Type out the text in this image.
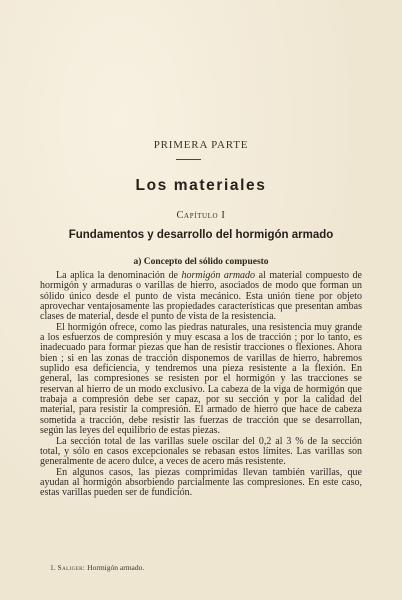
PRIMERA PARTE
Los materiales
Capítulo I
Fundamentos y desarrollo del hormigón armado
a) Concepto del sólido compuesto

La aplica la denominación de hormigón armado al material compuesto de hormigón y armaduras o varillas de hierro, asociados de modo que forman un sólido único desde el punto de vista mecánico. Esta unión tiene por objeto aprovechar ventajosamente las propiedades características que presentan ambas clases de material, desde el punto de vista de la resistencia.

El hormigón ofrece, como las piedras naturales, una resistencia muy grande a los esfuerzos de compresión y muy escasa a los de tracción ; por lo tanto, es inadecuado para formar piezas que han de resistir tracciones o flexiones. Ahora bien ; si en las zonas de tracción disponemos de varillas de hierro, habremos suplido esa deficiencia, y tendremos una pieza resistente a la flexión. En general, las compresiones se resisten por el hormigón y las tracciones se reservan al hierro de un modo exclusivo. La cabeza de la viga de hormigón que trabaja a compresión debe ser capaz, por su sección y por la calidad del material, para resistir la compresión. El armado de hierro que hace de cabeza sometida a tracción, debe resistir las fuerzas de tracción que se desarrollan, según las leyes del equilibrio de estas piezas.

La sección total de las varillas suele oscilar del 0,2 al 3 % de la sección total, y sólo en casos excepcionales se rebasan estos límites. Las varillas son generalmente de acero dulce, a veces de acero más resistente.

En algunos casos, las piezas comprimidas llevan también varillas, que ayudan al hormigón absorbiendo parcialmente las compresiones. En este caso, estas varillas pueden ser de fundición.

1. Saliger: Hormigón armado.
